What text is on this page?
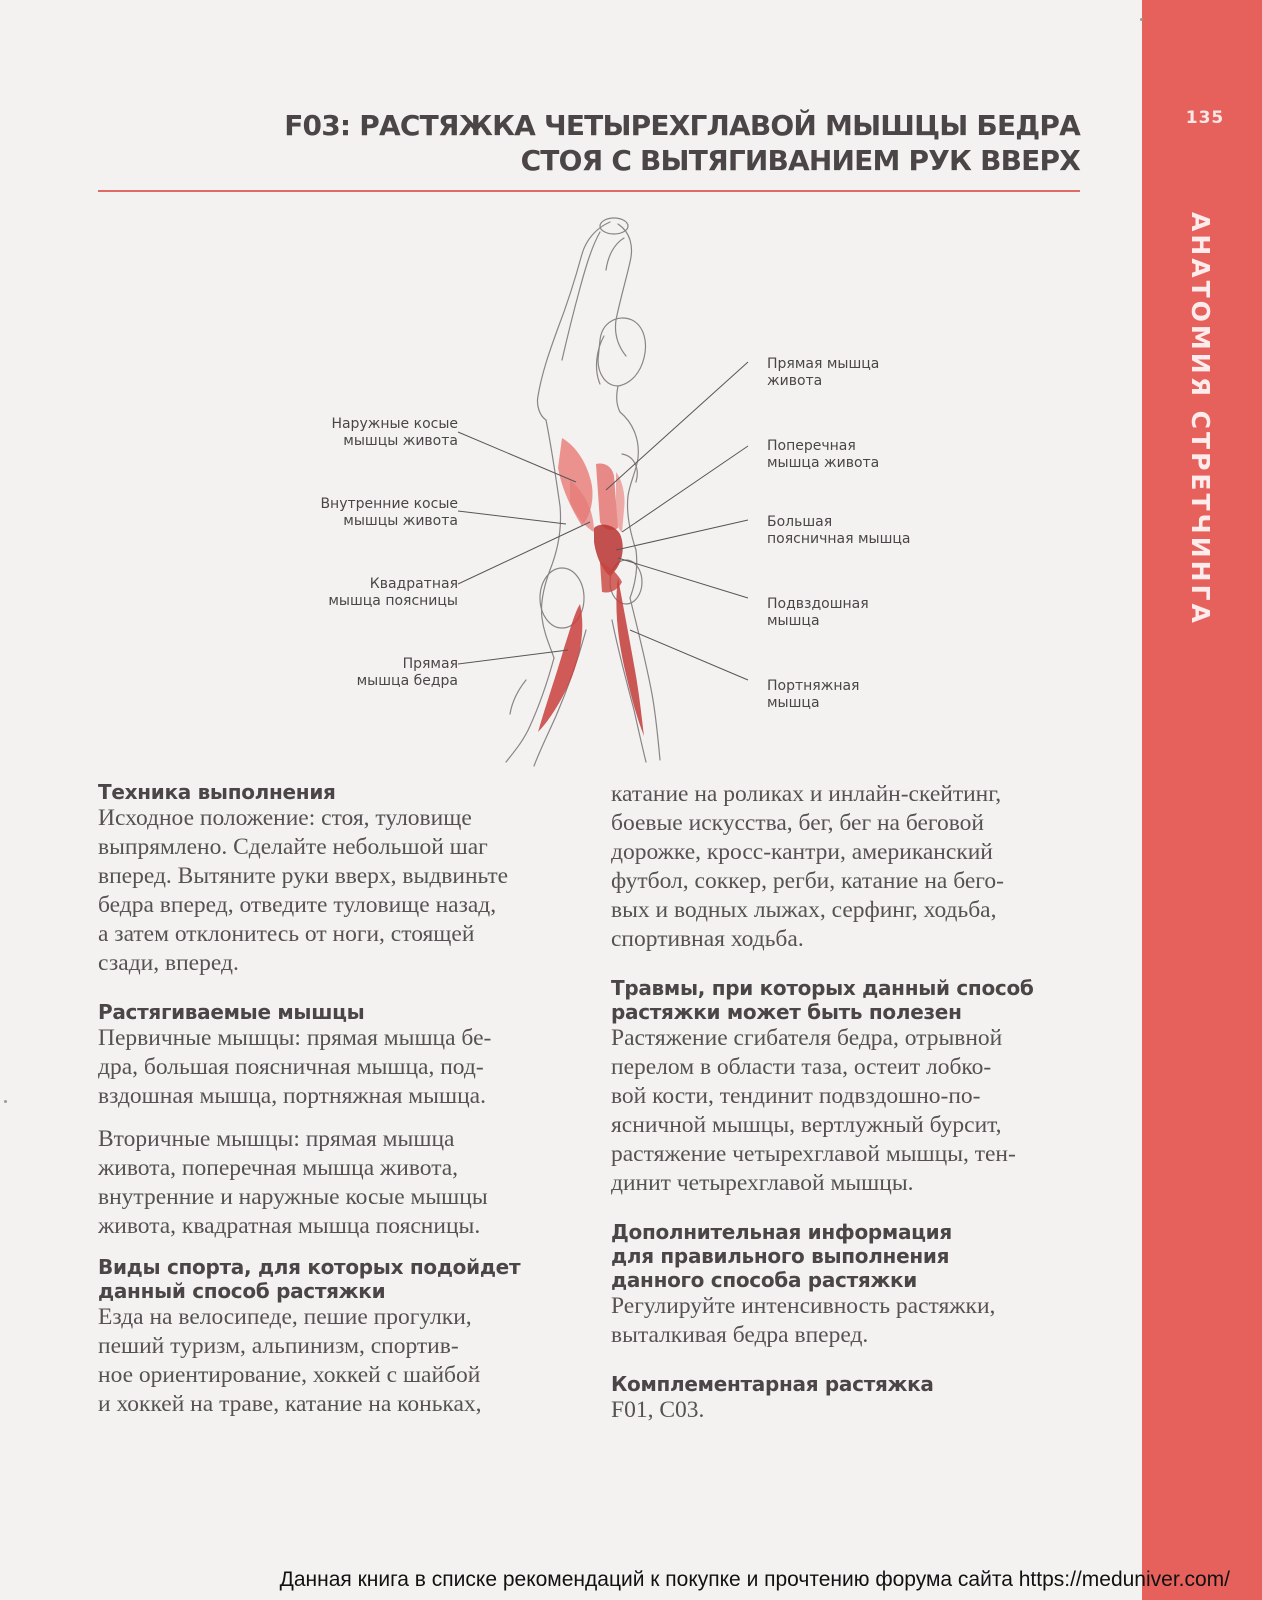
135
АНАТОМИЯ СТРЕТЧИНГА
F03: РАСТЯЖКА ЧЕТЫРЕХГЛАВОЙ МЫШЦЫ БЕДРА
СТОЯ С ВЫТЯГИВАНИЕМ РУК ВВЕРХ
Наружные косые
мышцы живота
Внутренние косые
мышцы живота
Квадратная
мышца поясницы
Прямая
мышца бедра
Прямая мышца
живота
Поперечная
мышца живота
Большая
поясничная мышца
Подвздошная
мышца
Портняжная
мышца

Техника выполнения

Исходное положение: стоя, туловище
выпрямлено. Сделайте небольшой шаг
вперед. Вытяните руки вверх, выдвиньте
бедра вперед, отведите туловище назад,
а затем отклонитесь от ноги, стоящей
сзади, вперед.

Растягиваемые мышцы

Первичные мышцы: прямая мышца бе-
дра, большая поясничная мышца, под-
вздошная мышца, портняжная мышца.

Вторичные мышцы: прямая мышца
живота, поперечная мышца живота,
внутренние и наружные косые мышцы
живота, квадратная мышца поясницы.

Виды спорта, для которых подойдет
данный способ растяжки

Езда на велосипеде, пешие прогулки,
пеший туризм, альпинизм, спортив-
ное ориентирование, хоккей с шайбой
и хоккей на траве, катание на коньках,

катание на роликах и инлайн-скейтинг,
боевые искусства, бег, бег на беговой
дорожке, кросс-кантри, американский
футбол, соккер, регби, катание на бего-
вых и водных лыжах, серфинг, ходьба,
спортивная ходьба.

Травмы, при которых данный способ
растяжки может быть полезен

Растяжение сгибателя бедра, отрывной
перелом в области таза, остеит лобко-
вой кости, тендинит подвздошно-по-
ясничной мышцы, вертлужный бурсит,
растяжение четырехглавой мышцы, тен-
динит четырехглавой мышцы.

Дополнительная информация
для правильного выполнения
данного способа растяжки

Регулируйте интенсивность растяжки,
выталкивая бедра вперед.

Комплементарная растяжка

F01, C03.

Данная книга в списке рекомендаций к покупке и прочтению форума сайта https://meduniver.com/
